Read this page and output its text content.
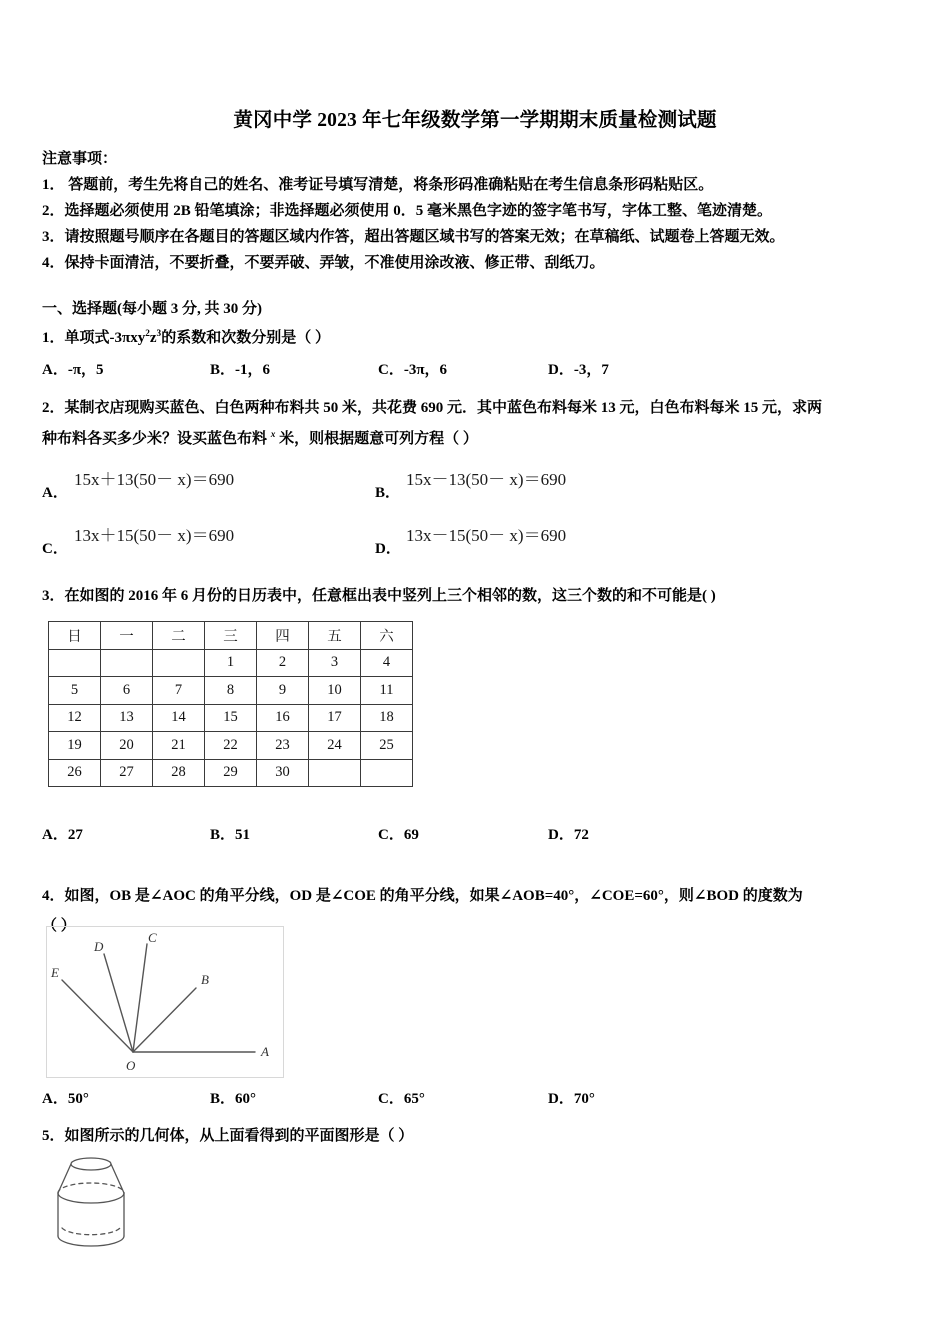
黄冈中学 2023 年七年级数学第一学期期末质量检测试题
注意事项：
1． 答题前，考生先将自己的姓名、准考证号填写清楚，将条形码准确粘贴在考生信息条形码粘贴区。
2．选择题必须使用 2B 铅笔填涂；非选择题必须使用 0．5 毫米黑色字迹的签字笔书写，字体工整、笔迹清楚。
3．请按照题号顺序在各题目的答题区域内作答，超出答题区域书写的答案无效；在草稿纸、试题卷上答题无效。
4．保持卡面清洁，不要折叠，不要弄破、弄皱，不准使用涂改液、修正带、刮纸刀。
一、选择题(每小题 3 分, 共 30 分)
1．单项式$-3\pi xy^2z^3$的系数和次数分别是（ ）
A．-π，5	B．-1，6	C．-3π，6	D．-3，7
2．某制衣店现购买蓝色、白色两种布料共 50 米，共花费 690 元．其中蓝色布料每米 13 元，白色布料每米 15 元，求两
种布料各买多少米？设买蓝色布料 $^x$ 米，则根据题意可列方程（ ）
A．
15x＋13(50－ x)＝690
B．
15x－13(50－ x)＝690
C．
13x＋15(50－ x)＝690
D．
13x－15(50－ x)＝690
3．在如图的 2016 年 6 月份的日历表中，任意框出表中竖列上三个相邻的数，这三个数的和不可能是( )
日	一	二	三	四	五	六
			1	2	3	4
5	6	7	8	9	10	11
12	13	14	15	16	17	18
19	20	21	22	23	24	25
26	27	28	29	30		
A．27	B．51	C．69	D．72
4．如图，OB 是∠AOC 的角平分线，OD 是∠COE 的角平分线，如果∠AOB=40°，∠COE=60°，则∠BOD 的度数为
（ ）
A
B
C
D
E
O
A．50°	B．60°	C．65°	D．70°
5．如图所示的几何体，从上面看得到的平面图形是（ ）
